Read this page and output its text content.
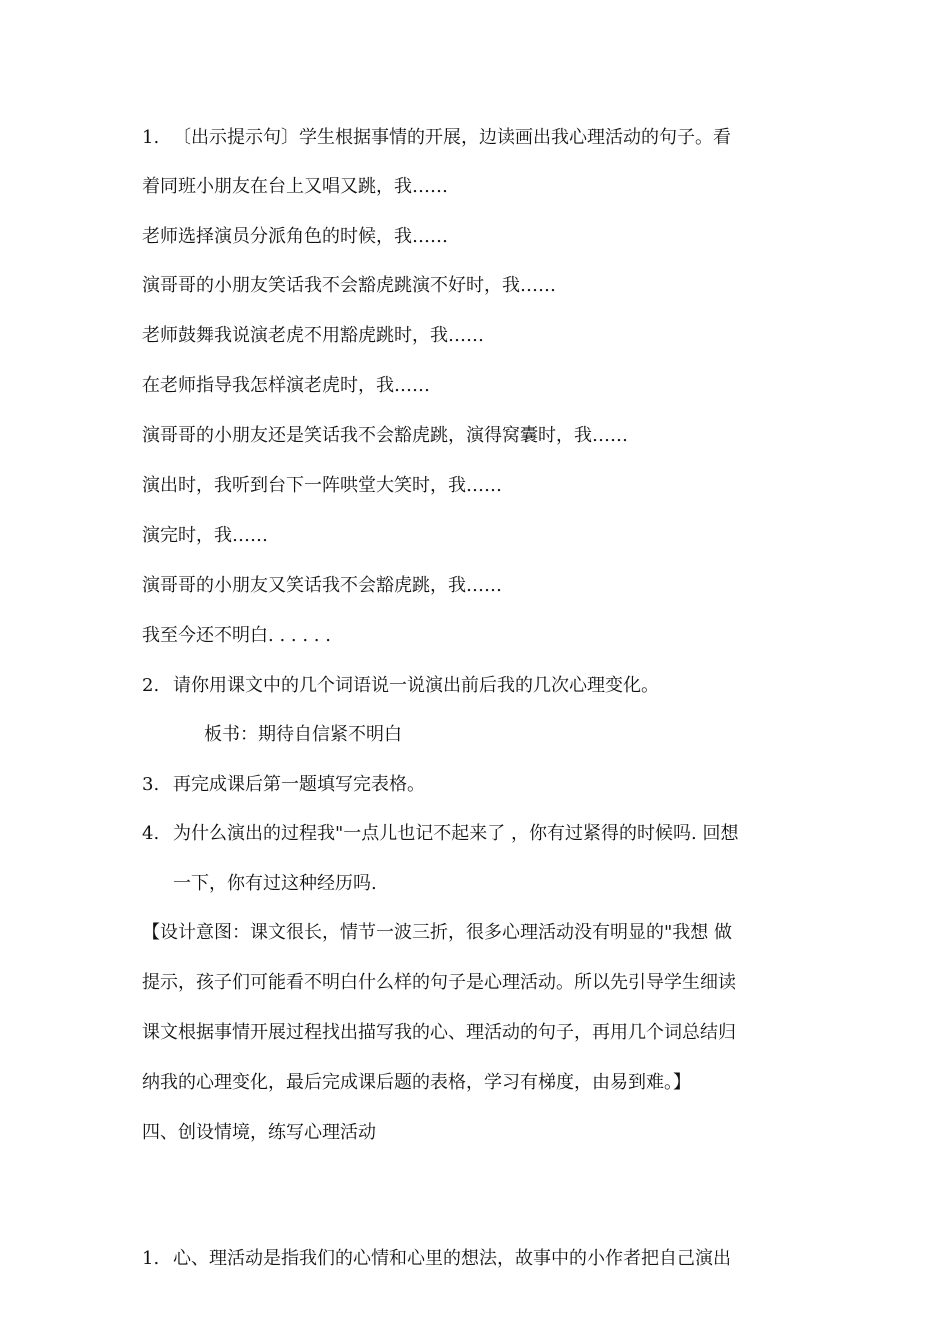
1. 〔出示提示句〕学生根据事情的开展，边读画出我心理活动的句子。看
着同班小朋友在台上又唱又跳，我……
老师选择演员分派角色的时候，我……
演哥哥的小朋友笑话我不会豁虎跳演不好时，我……
老师鼓舞我说演老虎不用豁虎跳时，我……
在老师指导我怎样演老虎时，我……
演哥哥的小朋友还是笑话我不会豁虎跳，演得窝囊时，我……
演出时，我听到台下一阵哄堂大笑时，我……
演完时，我……
演哥哥的小朋友又笑话我不会豁虎跳，我……
我至今还不明白. . . . . .
2. 请你用课文中的几个词语说一说演出前后我的几次心理变化。
板书：期待自信紧不明白
3. 再完成课后第一题填写完表格。
4. 为什么演出的过程我"一点儿也记不起来了 ，你有过紧得的时候吗. 回想
一下，你有过这种经历吗.
【设计意图：课文很长，情节一波三折，很多心理活动没有明显的"我想 做
提示，孩子们可能看不明白什么样的句子是心理活动。所以先引导学生细读
课文根据事情开展过程找出描写我的心、理活动的句子，再用几个词总结归
纳我的心理变化，最后完成课后题的表格，学习有梯度，由易到难。】
四、创设情境，练写心理活动
1. 心、理活动是指我们的心情和心里的想法，故事中的小作者把自己演出
